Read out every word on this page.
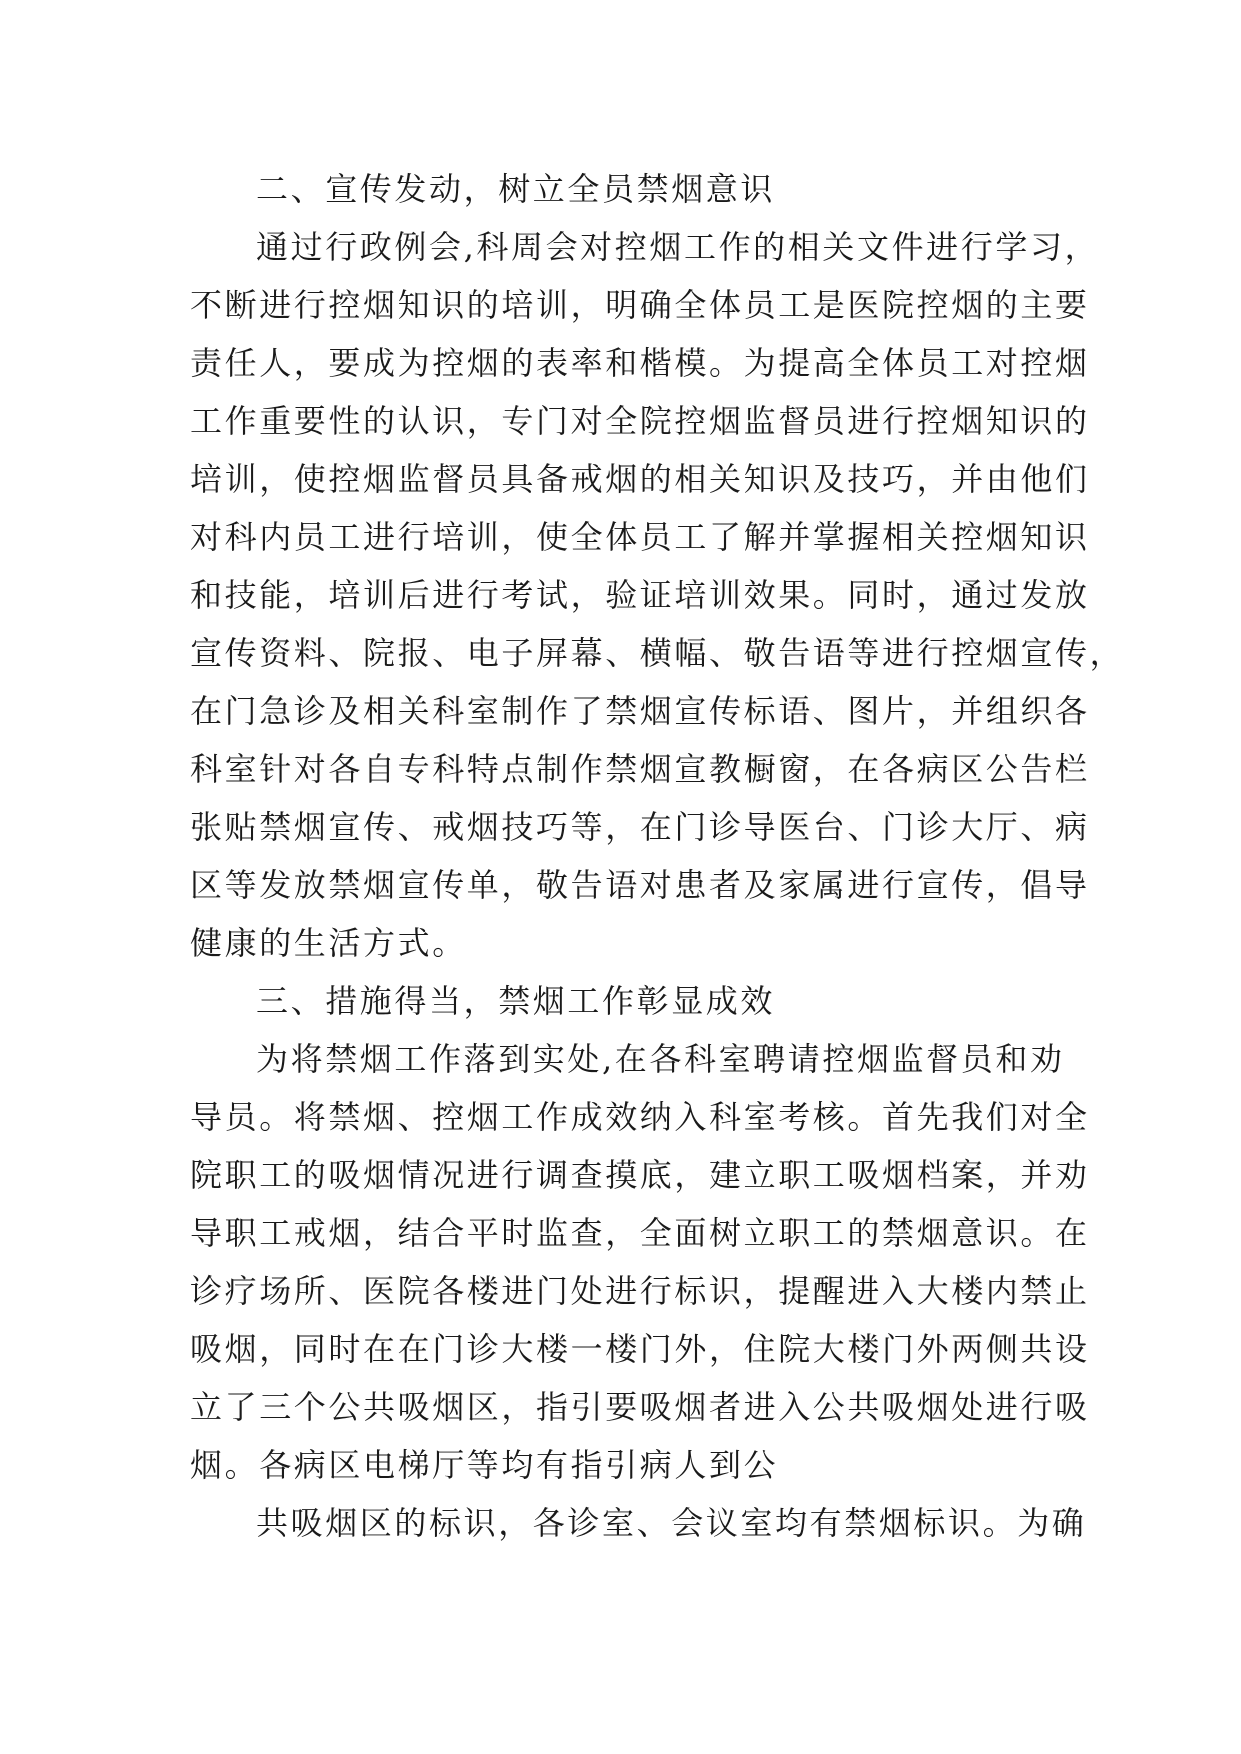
二、宣传发动，树立全员禁烟意识
通过行政例会,科周会对控烟工作的相关文件进行学习，
不断进行控烟知识的培训，明确全体员工是医院控烟的主要
责任人，要成为控烟的表率和楷模。为提高全体员工对控烟
工作重要性的认识，专门对全院控烟监督员进行控烟知识的
培训，使控烟监督员具备戒烟的相关知识及技巧，并由他们
对科内员工进行培训，使全体员工了解并掌握相关控烟知识
和技能，培训后进行考试，验证培训效果。同时，通过发放
宣传资料、院报、电子屏幕、横幅、敬告语等进行控烟宣传，
在门急诊及相关科室制作了禁烟宣传标语、图片，并组织各
科室针对各自专科特点制作禁烟宣教橱窗，在各病区公告栏
张贴禁烟宣传、戒烟技巧等，在门诊导医台、门诊大厅、病
区等发放禁烟宣传单，敬告语对患者及家属进行宣传，倡导
健康的生活方式。
三、措施得当，禁烟工作彰显成效
为将禁烟工作落到实处,在各科室聘请控烟监督员和劝
导员。将禁烟、控烟工作成效纳入科室考核。首先我们对全
院职工的吸烟情况进行调查摸底，建立职工吸烟档案，并劝
导职工戒烟，结合平时监查，全面树立职工的禁烟意识。在
诊疗场所、医院各楼进门处进行标识，提醒进入大楼内禁止
吸烟，同时在在门诊大楼一楼门外，住院大楼门外两侧共设
立了三个公共吸烟区，指引要吸烟者进入公共吸烟处进行吸
烟。各病区电梯厅等均有指引病人到公
共吸烟区的标识，各诊室、会议室均有禁烟标识。为确
